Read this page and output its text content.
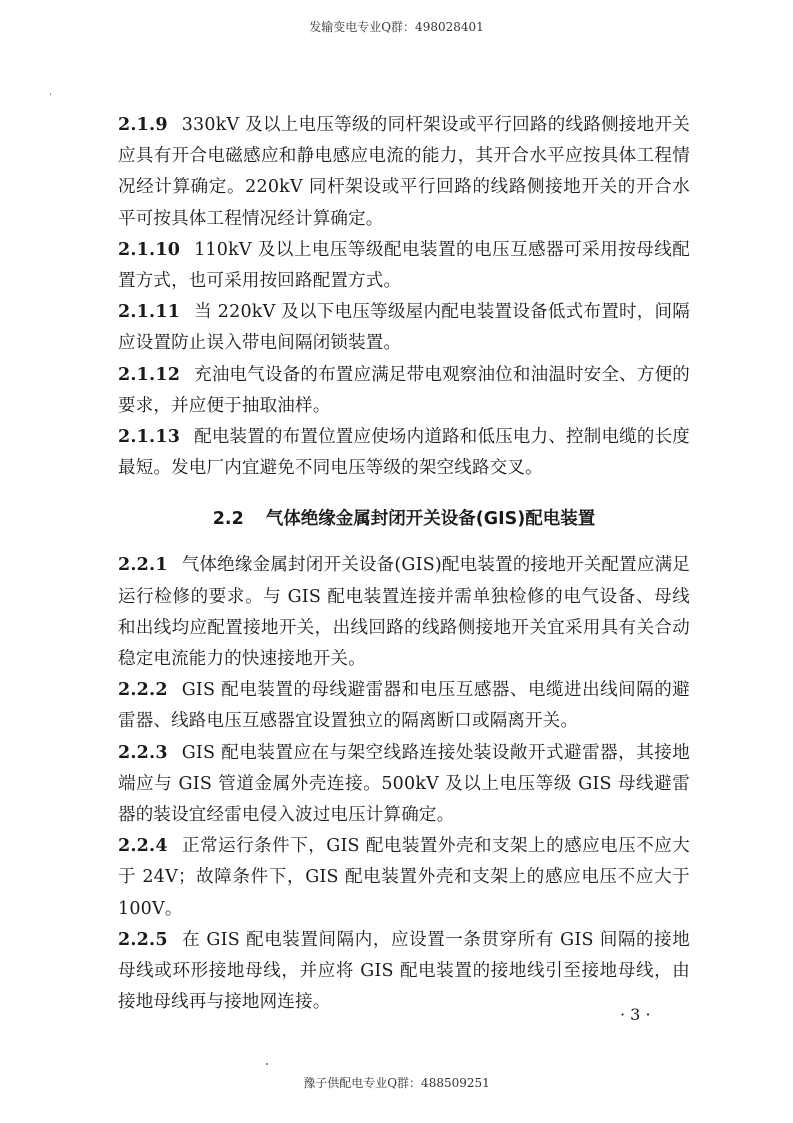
发输变电专业Q群：498028401

2.1.9 330kV 及以上电压等级的同杆架设或平行回路的线路侧接地开关应具有开合电磁感应和静电感应电流的能力，其开合水平应按具体工程情况经计算确定。220kV 同杆架设或平行回路的线路侧接地开关的开合水平可按具体工程情况经计算确定。

2.1.10 110kV 及以上电压等级配电装置的电压互感器可采用按母线配置方式，也可采用按回路配置方式。

2.1.11 当 220kV 及以下电压等级屋内配电装置设备低式布置时，间隔应设置防止误入带电间隔闭锁装置。

2.1.12 充油电气设备的布置应满足带电观察油位和油温时安全、方便的要求，并应便于抽取油样。

2.1.13 配电装置的布置位置应使场内道路和低压电力、控制电缆的长度最短。发电厂内宜避免不同电压等级的架空线路交叉。

2.2 气体绝缘金属封闭开关设备(GIS)配电装置

2.2.1 气体绝缘金属封闭开关设备(GIS)配电装置的接地开关配置应满足运行检修的要求。与 GIS 配电装置连接并需单独检修的电气设备、母线和出线均应配置接地开关，出线回路的线路侧接地开关宜采用具有关合动稳定电流能力的快速接地开关。

2.2.2 GIS 配电装置的母线避雷器和电压互感器、电缆进出线间隔的避雷器、线路电压互感器宜设置独立的隔离断口或隔离开关。

2.2.3 GIS 配电装置应在与架空线路连接处装设敞开式避雷器，其接地端应与 GIS 管道金属外壳连接。500kV 及以上电压等级 GIS 母线避雷器的装设宜经雷电侵入波过电压计算确定。

2.2.4 正常运行条件下，GIS 配电装置外壳和支架上的感应电压不应大于 24V；故障条件下，GIS 配电装置外壳和支架上的感应电压不应大于 100V。

2.2.5 在 GIS 配电装置间隔内，应设置一条贯穿所有 GIS 间隔的接地母线或环形接地母线，并应将 GIS 配电装置的接地线引至接地母线，由接地母线再与接地网连接。

· 3 ·
豫子供配电专业Q群：488509251
